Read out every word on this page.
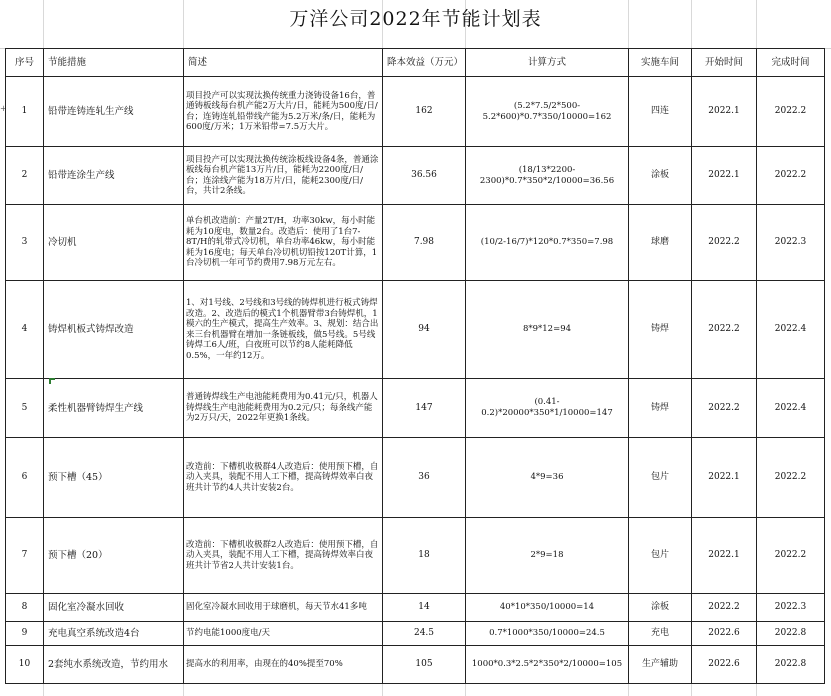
万洋公司2022年节能计划表
+
序号	节能措施	简述	降本效益（万元）	计算方式	实施车间	开始时间	完成时间
1	铅带连铸连轧生产线	项目投产可以实现汰换传统重力浇铸设备16台，普通铸板线每台机产能2万大片/日，能耗为500度/日/台；连铸连轧铅带线产能为5.2万米/条/日，能耗为600度/万米；1万米铅带=7.5万大片。	162	(5.2*7.5/2*500-5.2*600)*0.7*350/10000=162	四连	2022.1	2022.2
2	铅带连涂生产线	项目投产可以实现汰换传统涂板线设备4条，普通涂板线每台机产能13万片/日，能耗为2200度/日/台；连涂线产能为18万片/日，能耗2300度/日/台，共计2条线。	36.56	(18/13*2200-2300)*0.7*350*2/10000=36.56	涂板	2022.1	2022.2
3	冷切机	单台机改造前：产量2T/H，功率30kw，每小时能耗为10度电，数量2台。改造后：使用了1台7-8T/H的轧带式冷切机，单台功率46kw，每小时能耗为16度电；每天单台冷切机切铅按120T计算，1台冷切机一年可节约费用7.98万元左右。	7.98	(10/2-16/7)*120*0.7*350=7.98	球磨	2022.2	2022.3
4	铸焊机板式铸焊改造	1、对1号线、2号线和3号线的铸焊机进行板式铸焊改造。2、改造后的模式1个机器臂带3台铸焊机，1模六的生产模式，提高生产效率。3、规划：结合出来三台机器臂在增加一条链板线，做5号线。5号线铸焊工6人/班，白夜班可以节约8人能耗降低0.5%，一年约12万。	94	8*9*12=94	铸焊	2022.2	2022.4
5	柔性机器臂铸焊生产线	普通铸焊线生产电池能耗费用为0.41元/只，机器人铸焊线生产电池能耗费用为0.2元/只；每条线产能为2万只/天，2022年更换1条线。	147	(0.41-0.2)*20000*350*1/10000=147	铸焊	2022.2	2022.4
6	预下槽（45）	改造前：下槽机收极群4人改造后：使用预下槽，自动入夹具，装配不用人工下槽，提高铸焊效率白夜班共计节约4人共计安装2台。	36	4*9=36	包片	2022.1	2022.2
7	预下槽（20）	改造前：下槽机收极群2人改造后：使用预下槽，自动入夹具，装配不用人工下槽，提高铸焊效率白夜班共计节省2人共计安装1台。	18	2*9=18	包片	2022.1	2022.2
8	固化室冷凝水回收	固化室冷凝水回收用于球磨机，每天节水41多吨	14	40*10*350/10000=14	涂板	2022.2	2022.3
9	充电真空系统改造4台	节约电能1000度电/天	24.5	0.7*1000*350/10000=24.5	充电	2022.6	2022.8
10	2套纯水系统改造，节约用水	提高水的利用率，由现在的40%提至70%	105	1000*0.3*2.5*2*350*2/10000=105	生产辅助	2022.6	2022.8
